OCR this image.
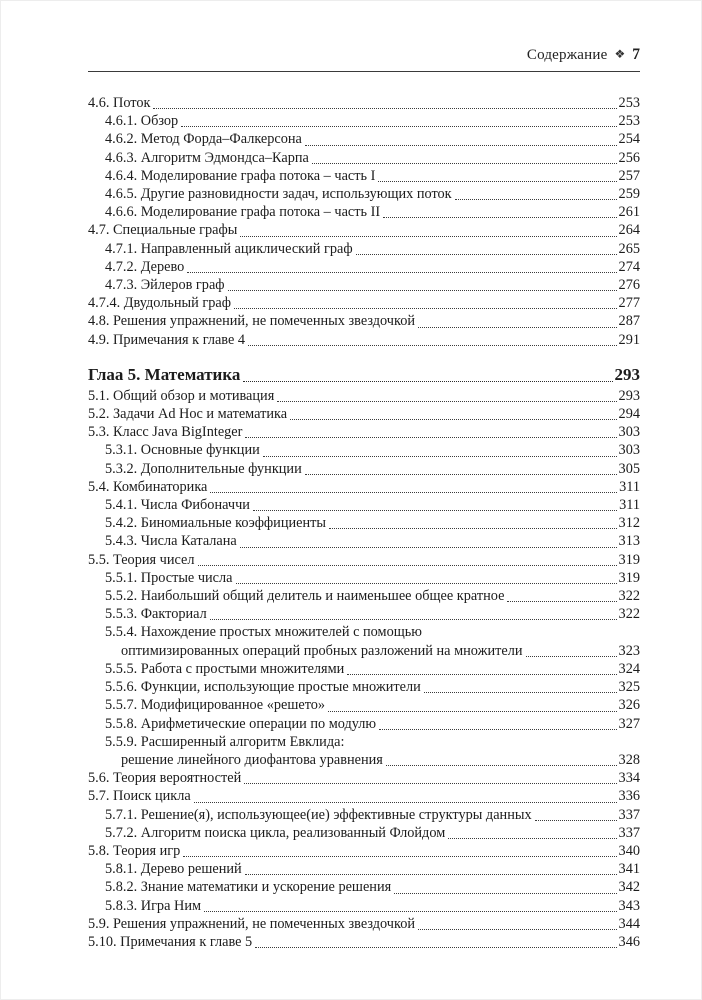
Содержание ❖ 7
4.6. Поток	253
4.6.1. Обзор	253
4.6.2. Метод Форда–Фалкерсона	254
4.6.3. Алгоритм Эдмондса–Карпа	256
4.6.4. Моделирование графа потока – часть I	257
4.6.5. Другие разновидности задач, использующих поток	259
4.6.6. Моделирование графа потока – часть II	261
4.7. Специальные графы	264
4.7.1. Направленный ациклический граф	265
4.7.2. Дерево	274
4.7.3. Эйлеров граф	276
4.7.4. Двудольный граф	277
4.8. Решения упражнений, не помеченных звездочкой	287
4.9. Примечания к главе 4	291
Глаа 5. Математика	293
5.1. Общий обзор и мотивация	293
5.2. Задачи Ad Hoc и математика	294
5.3. Класс Java BigInteger	303
5.3.1. Основные функции	303
5.3.2. Дополнительные функции	305
5.4. Комбинаторика	311
5.4.1. Числа Фибоначчи	311
5.4.2. Биномиальные коэффициенты	312
5.4.3. Числа Каталана	313
5.5. Теория чисел	319
5.5.1. Простые числа	319
5.5.2. Наибольший общий делитель и наименьшее общее кратное	322
5.5.3. Факториал	322
5.5.4. Нахождение простых множителей с помощью
оптимизированных операций пробных разложений на множители	323
5.5.5. Работа с простыми множителями	324
5.5.6. Функции, использующие простые множители	325
5.5.7. Модифицированное «решето»	326
5.5.8. Арифметические операции по модулю	327
5.5.9. Расширенный алгоритм Евклида:
решение линейного диофантова уравнения	328
5.6. Теория вероятностей	334
5.7. Поиск цикла	336
5.7.1. Решение(я), использующее(ие) эффективные структуры данных	337
5.7.2. Алгоритм поиска цикла, реализованный Флойдом	337
5.8. Теория игр	340
5.8.1. Дерево решений	341
5.8.2. Знание математики и ускорение решения	342
5.8.3. Игра Ним	343
5.9. Решения упражнений, не помеченных звездочкой	344
5.10. Примечания к главе 5	346
